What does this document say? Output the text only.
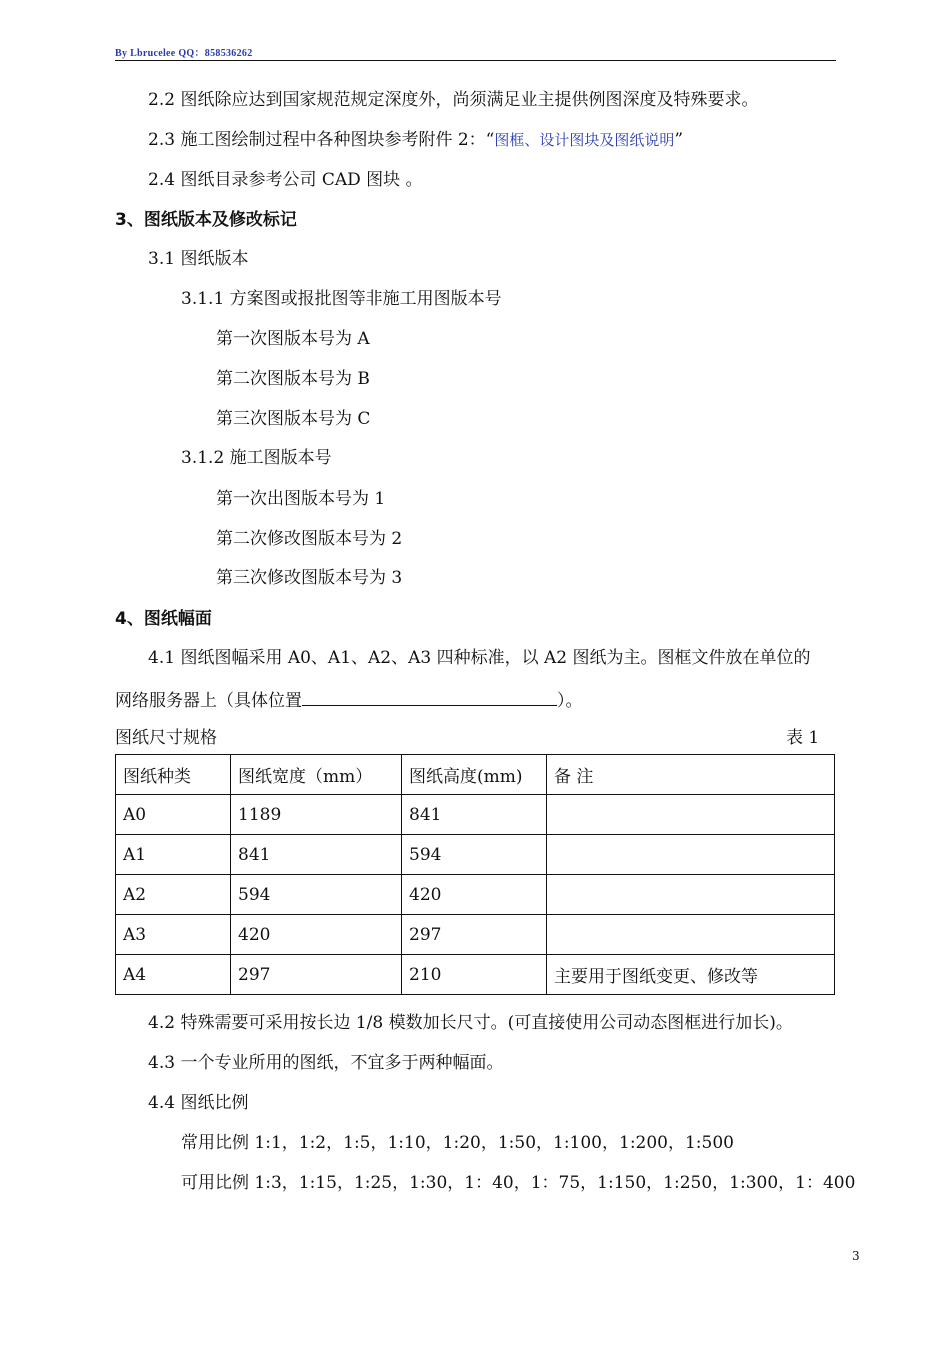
By Lbrucelee QQ：858536262
2.2 图纸除应达到国家规范规定深度外，尚须满足业主提供例图深度及特殊要求。
2.3 施工图绘制过程中各种图块参考附件 2：“图框、设计图块及图纸说明”
2.4 图纸目录参考公司 CAD 图块 。
3、图纸版本及修改标记
3.1 图纸版本
3.1.1 方案图或报批图等非施工用图版本号
第一次图版本号为 A
第二次图版本号为 B
第三次图版本号为 C
3.1.2 施工图版本号
第一次出图版本号为 1
第二次修改图版本号为 2
第三次修改图版本号为 3
4、图纸幅面
4.1 图纸图幅采用 A0、A1、A2、A3 四种标准，以 A2 图纸为主。图框文件放在单位的
网络服务器上（具体位置	）。
图纸尺寸规格	表 1
图纸种类	图纸宽度（mm）	图纸高度(mm)	备 注
A0	1189	841	
A1	841	594	
A2	594	420	
A3	420	297	
A4	297	210	主要用于图纸变更、修改等
4.2 特殊需要可采用按长边 1/8 模数加长尺寸。(可直接使用公司动态图框进行加长)。
4.3 一个专业所用的图纸，不宜多于两种幅面。
4.4 图纸比例
常用比例 1:1，1:2，1:5，1:10，1:20，1:50，1:100，1:200，1:500
可用比例 1:3，1:15，1:25，1:30，1：40，1：75，1:150，1:250，1:300，1：400
3
